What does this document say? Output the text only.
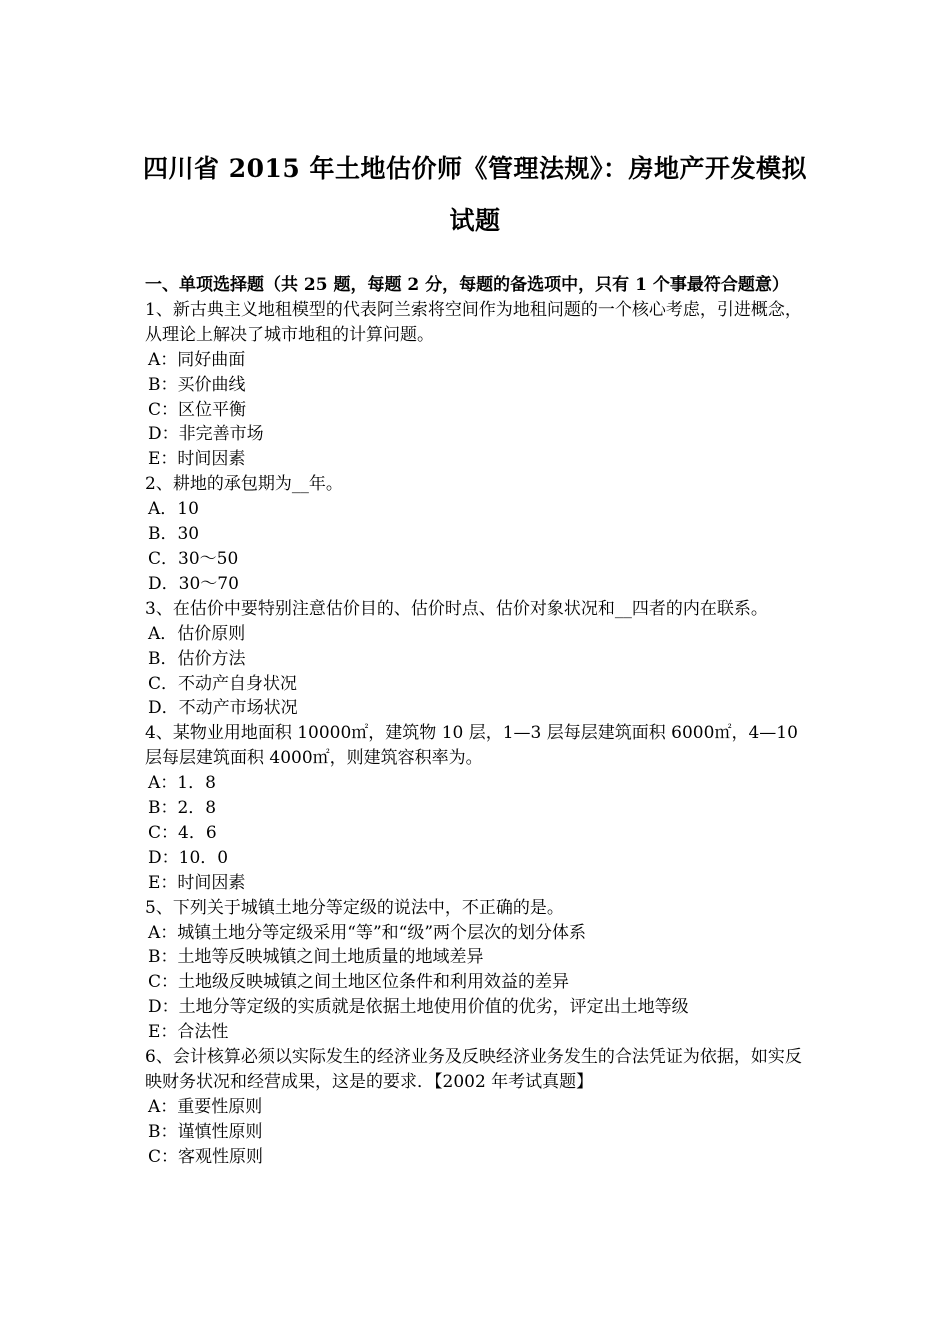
四川省 2015 年土地估价师《管理法规》：房地产开发模拟
试题
一、单项选择题（共 25 题，每题 2 分，每题的备选项中，只有 1 个事最符合题意）
1、新古典主义地租模型的代表阿兰索将空间作为地租问题的一个核心考虑，引进概念，从理论上解决了城市地租的计算问题。
A：同好曲面
B：买价曲线
C：区位平衡
D：非完善市场
E：时间因素
2、耕地的承包期为__年。
A．10
B．30
C．30～50
D．30～70
3、在估价中要特别注意估价目的、估价时点、估价对象状况和__四者的内在联系。
A．估价原则
B．估价方法
C．不动产自身状况
D．不动产市场状况
4、某物业用地面积 10000㎡，建筑物 10 层，1—3 层每层建筑面积 6000㎡，4—10 层每层建筑面积 4000㎡，则建筑容积率为。
A：1．8
B：2．8
C：4．6
D：10．0
E：时间因素
5、下列关于城镇土地分等定级的说法中，不正确的是。
A：城镇土地分等定级采用“等”和“级”两个层次的划分体系
B：土地等反映城镇之间土地质量的地域差异
C：土地级反映城镇之间土地区位条件和利用效益的差异
D：土地分等定级的实质就是依据土地使用价值的优劣，评定出土地等级
E：合法性
6、会计核算必须以实际发生的经济业务及反映经济业务发生的合法凭证为依据，如实反映财务状况和经营成果，这是的要求．【2002 年考试真题】
A：重要性原则
B：谨慎性原则
C：客观性原则
